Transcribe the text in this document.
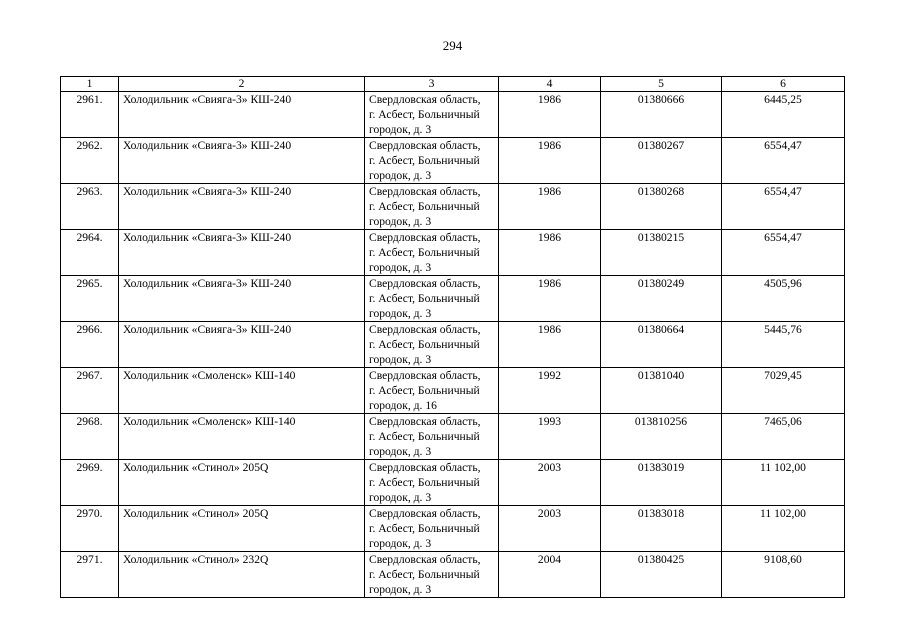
294
1	2	3	4	5	6
2961.	Холодильник «Свияга-3» КШ-240	Свердловская область,
г. Асбест, Больничный
городок, д. 3	1986	01380666	6445,25
2962.	Холодильник «Свияга-3» КШ-240	Свердловская область,
г. Асбест, Больничный
городок, д. 3	1986	01380267	6554,47
2963.	Холодильник «Свияга-3» КШ-240	Свердловская область,
г. Асбест, Больничный
городок, д. 3	1986	01380268	6554,47
2964.	Холодильник «Свияга-3» КШ-240	Свердловская область,
г. Асбест, Больничный
городок, д. 3	1986	01380215	6554,47
2965.	Холодильник «Свияга-3» КШ-240	Свердловская область,
г. Асбест, Больничный
городок, д. 3	1986	01380249	4505,96
2966.	Холодильник «Свияга-3» КШ-240	Свердловская область,
г. Асбест, Больничный
городок, д. 3	1986	01380664	5445,76
2967.	Холодильник «Смоленск» КШ-140	Свердловская область,
г. Асбест, Больничный
городок, д. 16	1992	01381040	7029,45
2968.	Холодильник «Смоленск» КШ-140	Свердловская область,
г. Асбест, Больничный
городок, д. 3	1993	013810256	7465,06
2969.	Холодильник «Стинол» 205Q	Свердловская область,
г. Асбест, Больничный
городок, д. 3	2003	01383019	11 102,00
2970.	Холодильник «Стинол» 205Q	Свердловская область,
г. Асбест, Больничный
городок, д. 3	2003	01383018	11 102,00
2971.	Холодильник «Стинол» 232Q	Свердловская область,
г. Асбест, Больничный
городок, д. 3	2004	01380425	9108,60
